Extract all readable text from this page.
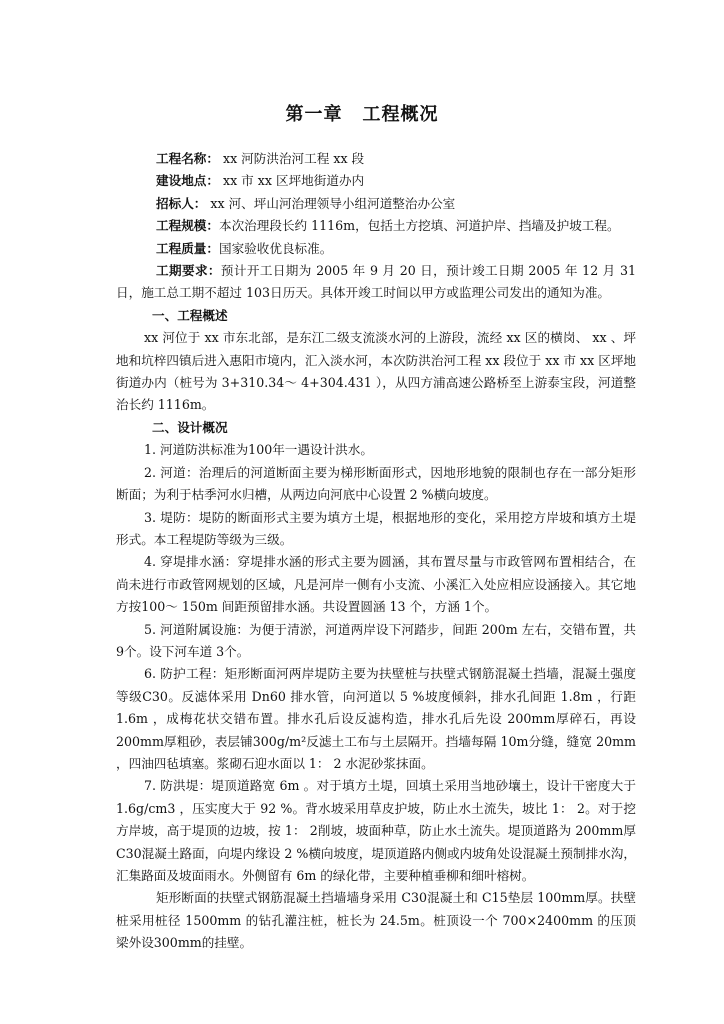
第一章 工程概况

工程名称： xx 河防洪治河工程 xx 段

建设地点： xx 市 xx 区坪地街道办内

招标人： xx 河、坪山河治理领导小组河道整治办公室

工程规模：本次治理段长约 1116m，包括土方挖填、河道护岸、挡墙及护坡工程。

工程质量：国家验收优良标准。

工期要求：预计开工日期为 2005 年 9 月 20 日，预计竣工日期 2005 年 12 月 31 日，施工总工期不超过 103日历天。具体开竣工时间以甲方或监理公司发出的通知为准。

一、工程概述

xx 河位于 xx 市东北部，是东江二级支流淡水河的上游段，流经 xx 区的横岗、 xx 、坪地和坑梓四镇后进入惠阳市境内，汇入淡水河，本次防洪治河工程 xx 段位于 xx 市 xx 区坪地街道办内（桩号为 3+310.34～ 4+304.431 ），从四方浦高速公路桥至上游泰宝段，河道整治长约 1116m。

二、设计概况

1. 河道防洪标准为100年一遇设计洪水。

2. 河道：治理后的河道断面主要为梯形断面形式，因地形地貌的限制也存在一部分矩形断面；为利于枯季河水归槽，从两边向河底中心设置 2 %横向坡度。

3. 堤防：堤防的断面形式主要为填方土堤，根据地形的变化，采用挖方岸坡和填方土堤形式。本工程堤防等级为三级。

4. 穿堤排水涵：穿堤排水涵的形式主要为圆涵，其布置尽量与市政管网布置相结合，在尚未进行市政管网规划的区域，凡是河岸一侧有小支流、小溪汇入处应相应设涵接入。其它地方按100～ 150m 间距预留排水涵。共设置圆涵 13 个，方涵 1个。

5. 河道附属设施：为便于清淤，河道两岸设下河踏步，间距 200m 左右，交错布置，共 9个。设下河车道 3个。

6. 防护工程：矩形断面河两岸堤防主要为扶壁桩与扶壁式钢筋混凝土挡墙，混凝土强度等级C30。反滤体采用 Dn60 排水管，向河道以 5 %坡度倾斜，排水孔间距 1.8m ，行距 1.6m ，成梅花状交错布置。排水孔后设反滤构造，排水孔后先设 200mm厚碎石，再设200mm厚粗砂，表层铺300g/m²反滤土工布与土层隔开。挡墙每隔 10m分缝，缝宽 20mm ，四油四毡填塞。浆砌石迎水面以 1： 2 水泥砂浆抹面。

7. 防洪堤：堤顶道路宽 6m 。对于填方土堤，回填土采用当地砂壤土，设计干密度大于 1.6g/cm3 ，压实度大于 92 %。背水坡采用草皮护坡，防止水土流失，坡比 1： 2。对于挖方岸坡，高于堤顶的边坡，按 1： 2削坡，坡面种草，防止水土流失。堤顶道路为 200mm厚 C30混凝土路面，向堤内缘设 2 %横向坡度，堤顶道路内侧或内坡角处设混凝土预制排水沟，汇集路面及坡面雨水。外侧留有 6m 的绿化带，主要种植垂柳和细叶榕树。

矩形断面的扶壁式钢筋混凝土挡墙墙身采用 C30混凝土和 C15垫层 100mm厚。扶壁桩采用桩径 1500mm 的钻孔灌注桩，桩长为 24.5m。桩顶设一个 700×2400mm 的压顶梁外设300mm的挂壁。
